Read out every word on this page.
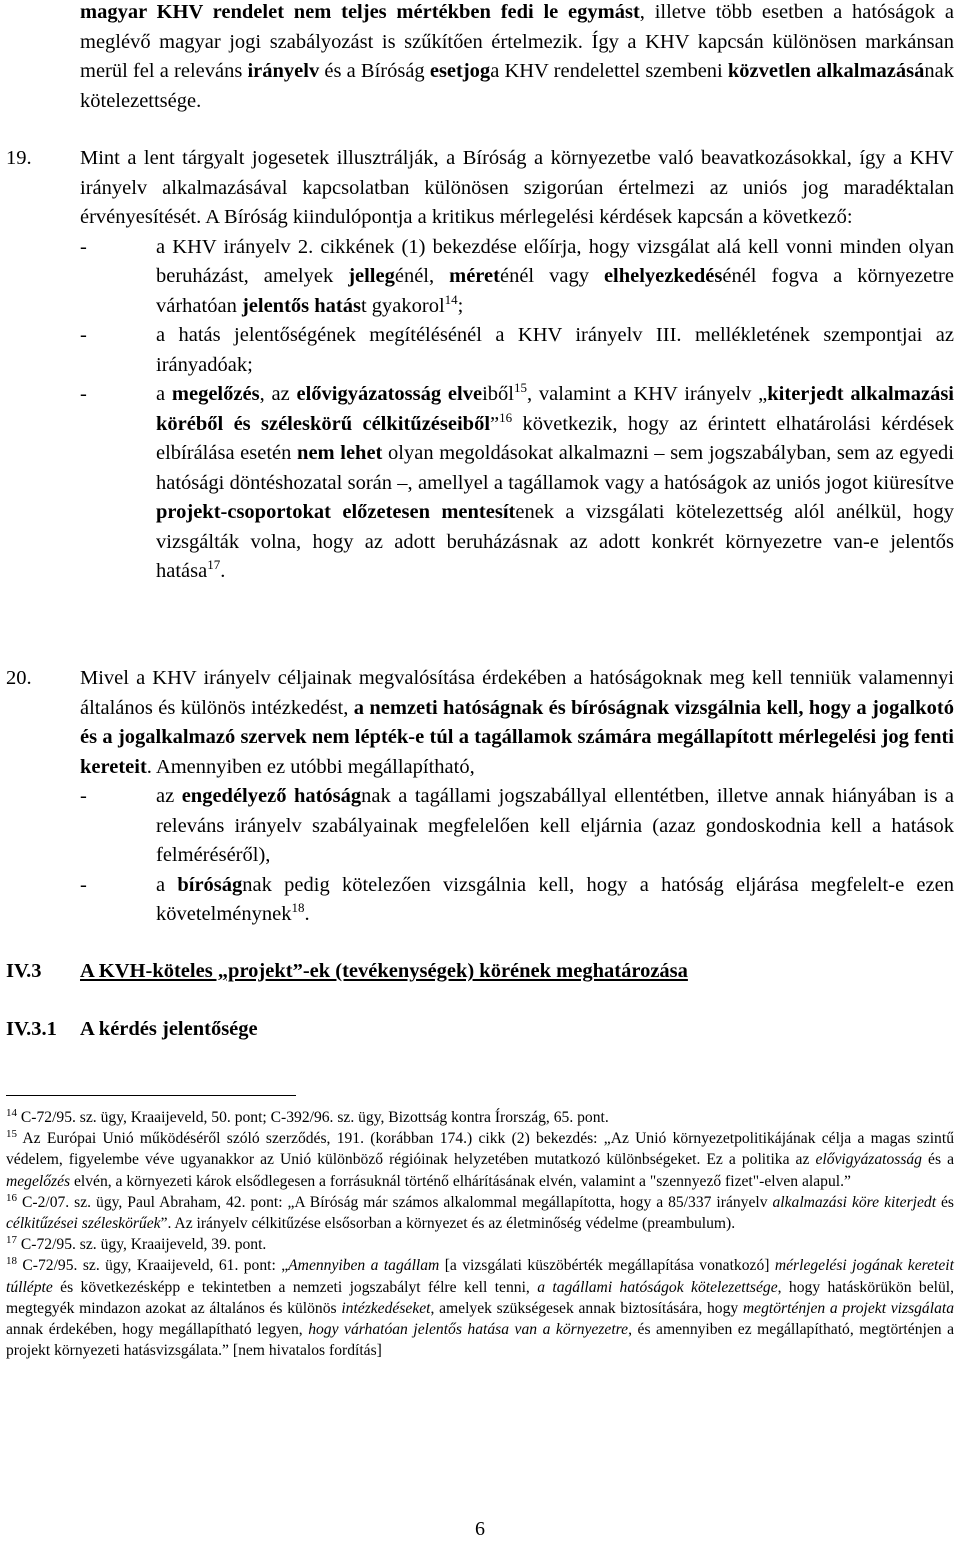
magyar KHV rendelet nem teljes mértékben fedi le egymást, illetve több esetben a hatóságok a meglévő magyar jogi szabályozást is szűkítően értelmezik. Így a KHV kapcsán különösen markánsan merül fel a releváns irányelv és a Bíróság esetjoga KHV rendelettel szembeni közvetlen alkalmazásának kötelezettsége.
19. Mint a lent tárgyalt jogesetek illusztrálják, a Bíróság a környezetbe való beavatkozásokkal, így a KHV irányelv alkalmazásával kapcsolatban különösen szigorúan értelmezi az uniós jog maradéktalan érvényesítését. A Bíróság kiindulópontja a kritikus mérlegelési kérdések kapcsán a következő:
-	a KHV irányelv 2. cikkének (1) bekezdése előírja, hogy vizsgálat alá kell vonni minden olyan beruházást, amelyek jellegénél, méreténél vagy elhelyezkedésénél fogva a környezetre várhatóan jelentős hatást gyakorol$^{14}$;
-	a hatás jelentőségének megítélésénél a KHV irányelv III. mellékletének szempontjai az irányadóak;
-	a megelőzés, az elővigyázatosság elveiből$^{15}$, valamint a KHV irányelv „kiterjedt alkalmazási köréből és széleskörű célkitűzéseiből”$^{16}$ következik, hogy az érintett elhatárolási kérdések elbírálása esetén nem lehet olyan megoldásokat alkalmazni – sem jogszabályban, sem az egyedi hatósági döntéshozatal során –, amellyel a tagállamok vagy a hatóságok az uniós jogot kiüresítve projekt-csoportokat előzetesen mentesítenek a vizsgálati kötelezettség alól anélkül, hogy vizsgálták volna, hogy az adott beruházásnak az adott konkrét környezetre van-e jelentős hatása$^{17}$.
20. Mivel a KHV irányelv céljainak megvalósítása érdekében a hatóságoknak meg kell tenniük valamennyi általános és különös intézkedést, a nemzeti hatóságnak és bíróságnak vizsgálnia kell, hogy a jogalkotó és a jogalkalmazó szervek nem lépték-e túl a tagállamok számára megállapított mérlegelési jog fenti kereteit. Amennyiben ez utóbbi megállapítható,
-	az engedélyező hatóságnak a tagállami jogszabállyal ellentétben, illetve annak hiányában is a releváns irányelv szabályainak megfelelően kell eljárnia (azaz gondoskodnia kell a hatások felméréséről),
-	a bíróságnak pedig kötelezően vizsgálnia kell, hogy a hatóság eljárása megfelelt-e ezen követelménynek$^{18}$.
IV.3 A KVH-köteles „projekt”-ek (tevékenységek) körének meghatározása
IV.3.1 A kérdés jelentősége

$^{14}$ C-72/95. sz. ügy, Kraaijeveld, 50. pont; C-392/96. sz. ügy, Bizottság kontra Írország, 65. pont.

$^{15}$ Az Európai Unió működéséről szóló szerződés, 191. (korábban 174.) cikk (2) bekezdés: „Az Unió környezetpolitikájának célja a magas szintű védelem, figyelembe véve ugyanakkor az Unió különböző régióinak helyzetében mutatkozó különbségeket. Ez a politika az elővigyázatosság és a megelőzés elvén, a környezeti károk elsődlegesen a forrásuknál történő elhárításának elvén, valamint a "szennyező fizet"-elven alapul.”

$^{16}$ C-2/07. sz. ügy, Paul Abraham, 42. pont: „A Bíróság már számos alkalommal megállapította, hogy a 85/337 irányelv alkalmazási köre kiterjedt és célkitűzései széleskörűek”. Az irányelv célkitűzése elsősorban a környezet és az életminőség védelme (preambulum).

$^{17}$ C-72/95. sz. ügy, Kraaijeveld, 39. pont.

$^{18}$ C-72/95. sz. ügy, Kraaijeveld, 61. pont: „Amennyiben a tagállam [a vizsgálati küszöbérték megállapítása vonatkozó] mérlegelési jogának kereteit túllépte és következésképp e tekintetben a nemzeti jogszabályt félre kell tenni, a tagállami hatóságok kötelezettsége, hogy hatáskörükön belül, megtegyék mindazon azokat az általános és különös intézkedéseket, amelyek szükségesek annak biztosítására, hogy megtörténjen a projekt vizsgálata annak érdekében, hogy megállapítható legyen, hogy várhatóan jelentős hatása van a környezetre, és amennyiben ez megállapítható, megtörténjen a projekt környezeti hatásvizsgálata.” [nem hivatalos fordítás]

6
